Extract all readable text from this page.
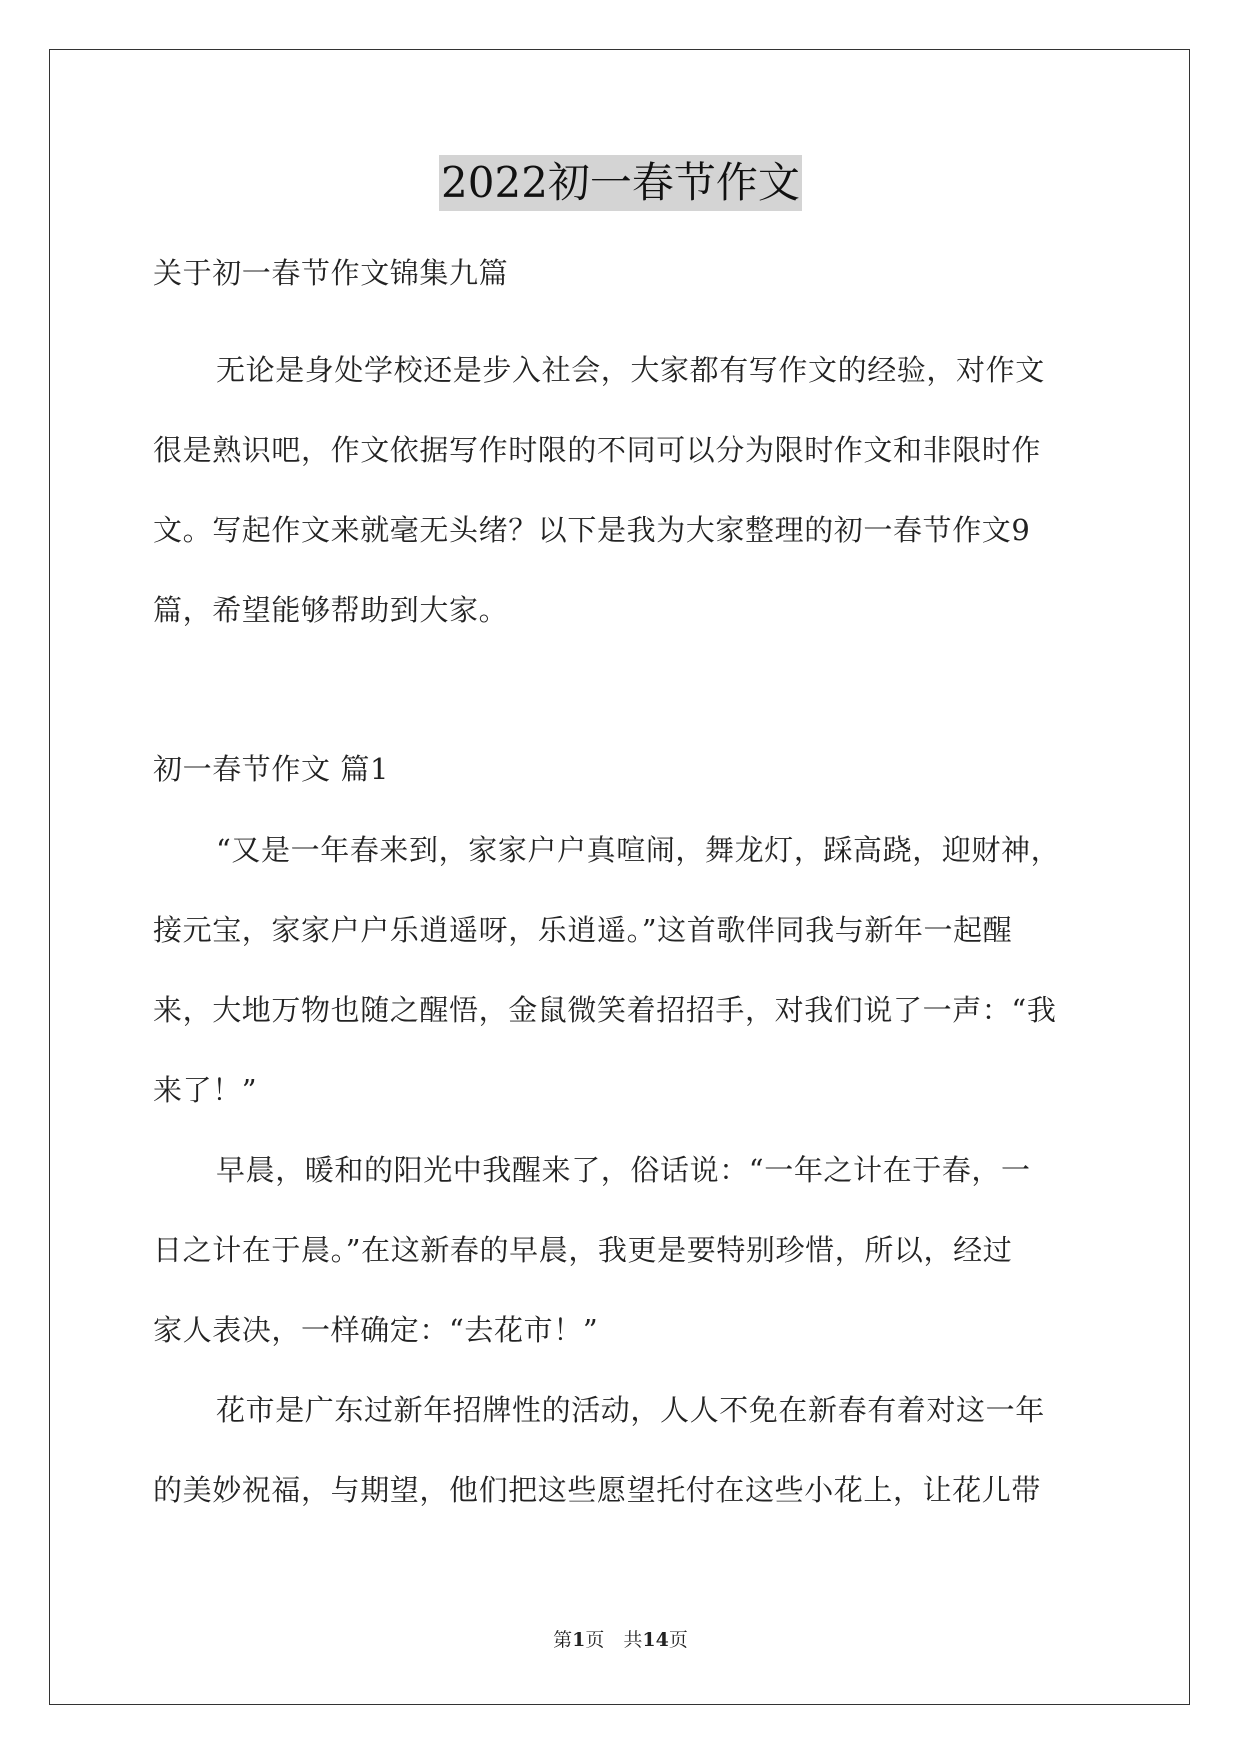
2022初一春节作文
关于初一春节作文锦集九篇
无论是身处学校还是步入社会，大家都有写作文的经验，对作文
很是熟识吧，作文依据写作时限的不同可以分为限时作文和非限时作
文。写起作文来就毫无头绪？以下是我为大家整理的初一春节作文9
篇，希望能够帮助到大家。
初一春节作文 篇1
“又是一年春来到，家家户户真喧闹，舞龙灯，踩高跷，迎财神，
接元宝，家家户户乐逍遥呀，乐逍遥。”这首歌伴同我与新年一起醒
来，大地万物也随之醒悟，金鼠微笑着招招手，对我们说了一声：“我
来了！”
早晨，暖和的阳光中我醒来了，俗话说：“一年之计在于春，一
日之计在于晨。”在这新春的早晨，我更是要特别珍惜，所以，经过
家人表决，一样确定：“去花市！”
花市是广东过新年招牌性的活动，人人不免在新春有着对这一年
的美妙祝福，与期望，他们把这些愿望托付在这些小花上，让花儿带
第1页　共14页
